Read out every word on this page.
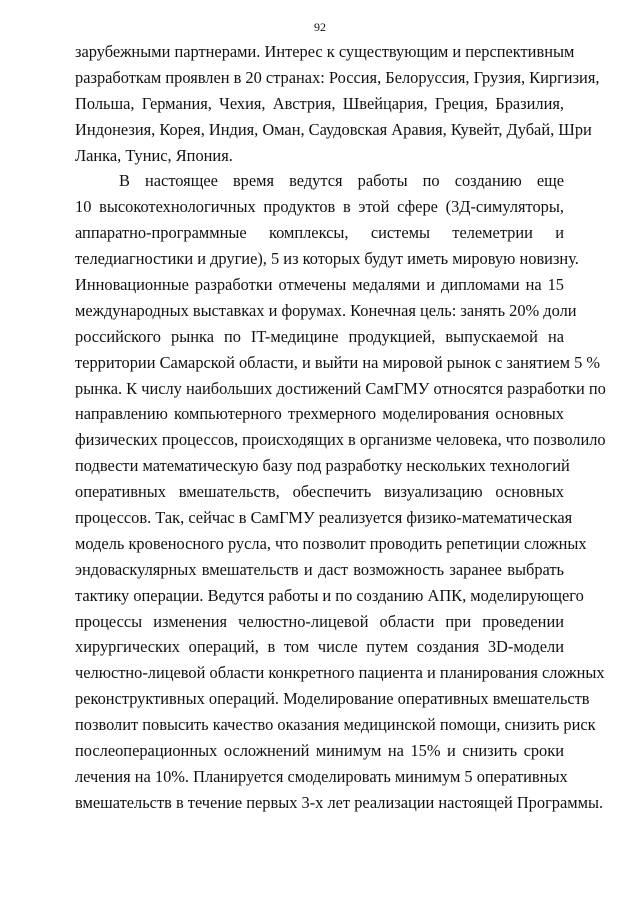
92
зарубежными партнерами. Интерес к существующим и перспективным
разработкам проявлен в 20 странах: Россия, Белоруссия, Грузия, Киргизия,
Польша, Германия, Чехия, Австрия, Швейцария, Греция, Бразилия,
Индонезия, Корея, Индия, Оман, Саудовская Аравия, Кувейт, Дубай, Шри
Ланка, Тунис, Япония.
В настоящее время ведутся работы по созданию еще
10 высокотехнологичных продуктов в этой сфере (3Д-симуляторы,
аппаратно-программные комплексы, системы телеметрии и
теледиагностики и другие), 5 из которых будут иметь мировую новизну.
Инновационные разработки отмечены медалями и дипломами на 15
международных выставках и форумах. Конечная цель: занять 20% доли
российского рынка по IT-медицине продукцией, выпускаемой на
территории Самарской области, и выйти на мировой рынок с занятием 5 %
рынка. К числу наибольших достижений СамГМУ относятся разработки по
направлению компьютерного трехмерного моделирования основных
физических процессов, происходящих в организме человека, что позволило
подвести математическую базу под разработку нескольких технологий
оперативных вмешательств, обеспечить визуализацию основных
процессов. Так, сейчас в СамГМУ реализуется физико-математическая
модель кровеносного русла, что позволит проводить репетиции сложных
эндоваскулярных вмешательств и даст возможность заранее выбрать
тактику операции. Ведутся работы и по созданию АПК, моделирующего
процессы изменения челюстно-лицевой области при проведении
хирургических операций, в том числе путем создания 3D-модели
челюстно-лицевой области конкретного пациента и планирования сложных
реконструктивных операций. Моделирование оперативных вмешательств
позволит повысить качество оказания медицинской помощи, снизить риск
послеоперационных осложнений минимум на 15% и снизить сроки
лечения на 10%. Планируется смоделировать минимум 5 оперативных
вмешательств в течение первых 3-х лет реализации настоящей Программы.
